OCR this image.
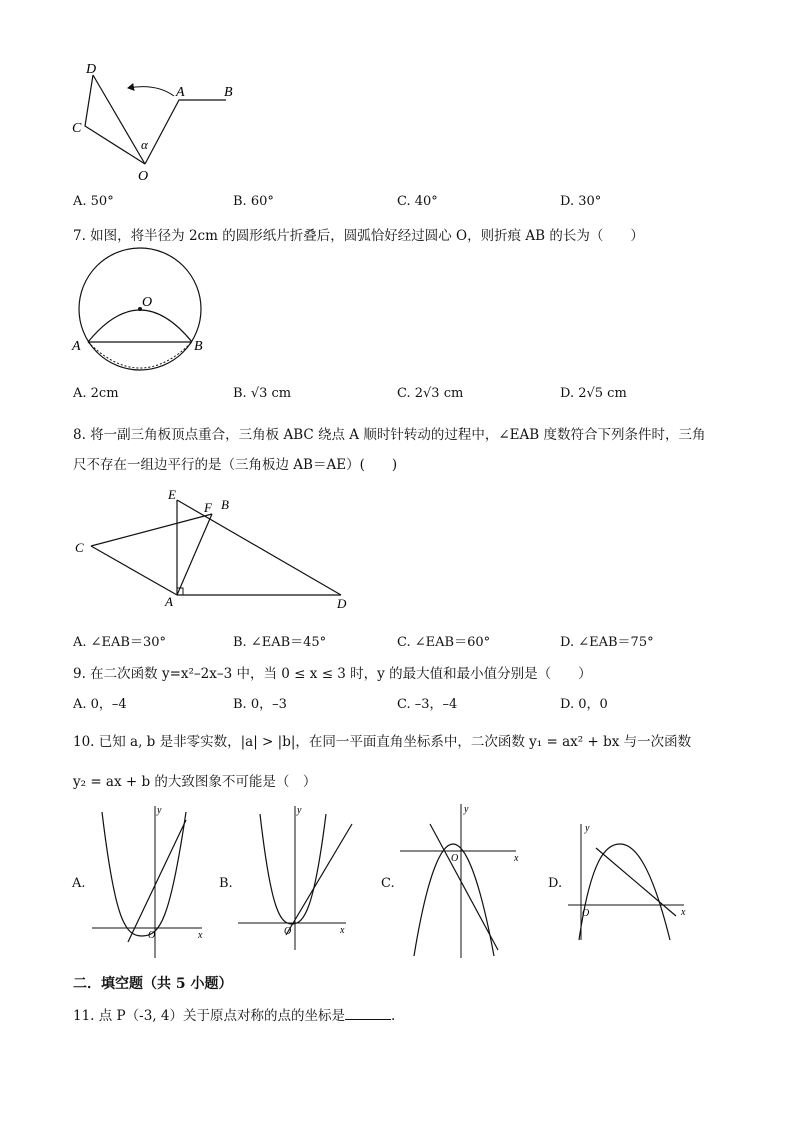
D
C
A	B
α
O
A. 50°	B. 60°	C. 40°	D. 30°
7. 如图，将半径为 2cm 的圆形纸片折叠后，圆弧恰好经过圆心 O，则折痕 AB 的长为（　　）
O
A	B
A. 2cm	B. √3 cm	C. 2√3 cm	D. 2√5 cm
8. 将一副三角板顶点重合，三角板 ABC 绕点 A 顺时针转动的过程中，∠EAB 度数符合下列条件时，三角
尺不存在一组边平行的是（三角板边 AB＝AE）(　　)
E
F B
C
A	D
A. ∠EAB＝30°	B. ∠EAB＝45°	C. ∠EAB＝60°	D. ∠EAB＝75°
9. 在二次函数 y=x²–2x–3 中，当 0 ≤ x ≤ 3 时，y 的最大值和最小值分别是（　　）
A. 0，–4	B. 0，–3	C. –3，–4	D. 0，0
10. 已知 a, b 是非零实数，|a| > |b|，在同一平面直角坐标系中，二次函数 y₁ = ax² + bx 与一次函数
y₂ = ax + b 的大致图象不可能是（　）
A.
y
x
O
B.
y
x
O
C.
y
x
O
D.
y
x
O
二．填空题（共 5 小题）
11. 点 P（-3, 4）关于原点对称的点的坐标是	.
